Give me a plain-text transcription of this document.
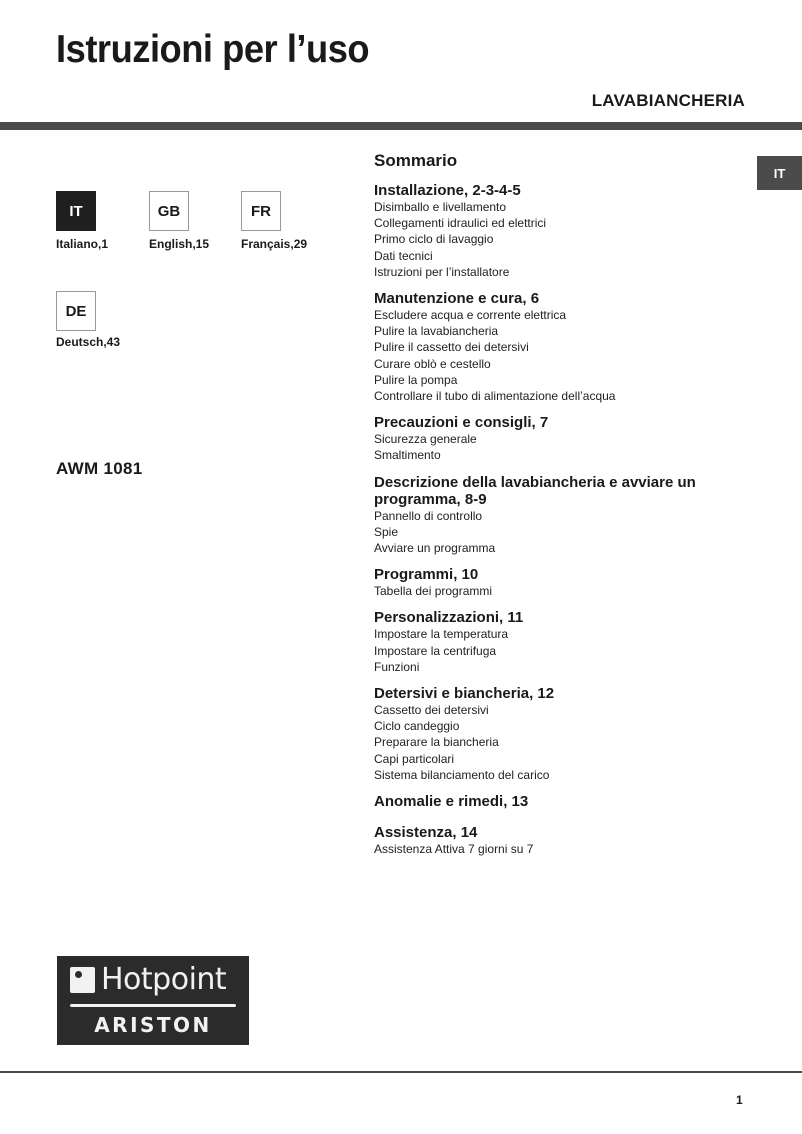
Istruzioni per l’uso
LAVABIANCHERIA
IT
IT
Italiano,1
GB
English,15
FR
Français,29
DE
Deutsch,43
AWM 1081
Sommario
Installazione, 2-3-4-5
Disimballo e livellamento
Collegamenti idraulici ed elettrici
Primo ciclo di lavaggio
Dati tecnici
Istruzioni per l’installatore
Manutenzione e cura, 6
Escludere acqua e corrente elettrica
Pulire la lavabiancheria
Pulire il cassetto dei detersivi
Curare oblò e cestello
Pulire la pompa
Controllare il tubo di alimentazione dell’acqua
Precauzioni e consigli, 7
Sicurezza generale
Smaltimento
Descrizione della lavabiancheria e avviare un programma, 8-9
Pannello di controllo
Spie
Avviare un programma
Programmi, 10
Tabella dei programmi
Personalizzazioni, 11
Impostare la temperatura
Impostare la centrifuga
Funzioni
Detersivi e biancheria, 12
Cassetto dei detersivi
Ciclo candeggio
Preparare la biancheria
Capi particolari
Sistema bilanciamento del carico
Anomalie e rimedi, 13
Assistenza, 14
Assistenza Attiva 7 giorni su 7
Hotpoint
ARISTON
1
